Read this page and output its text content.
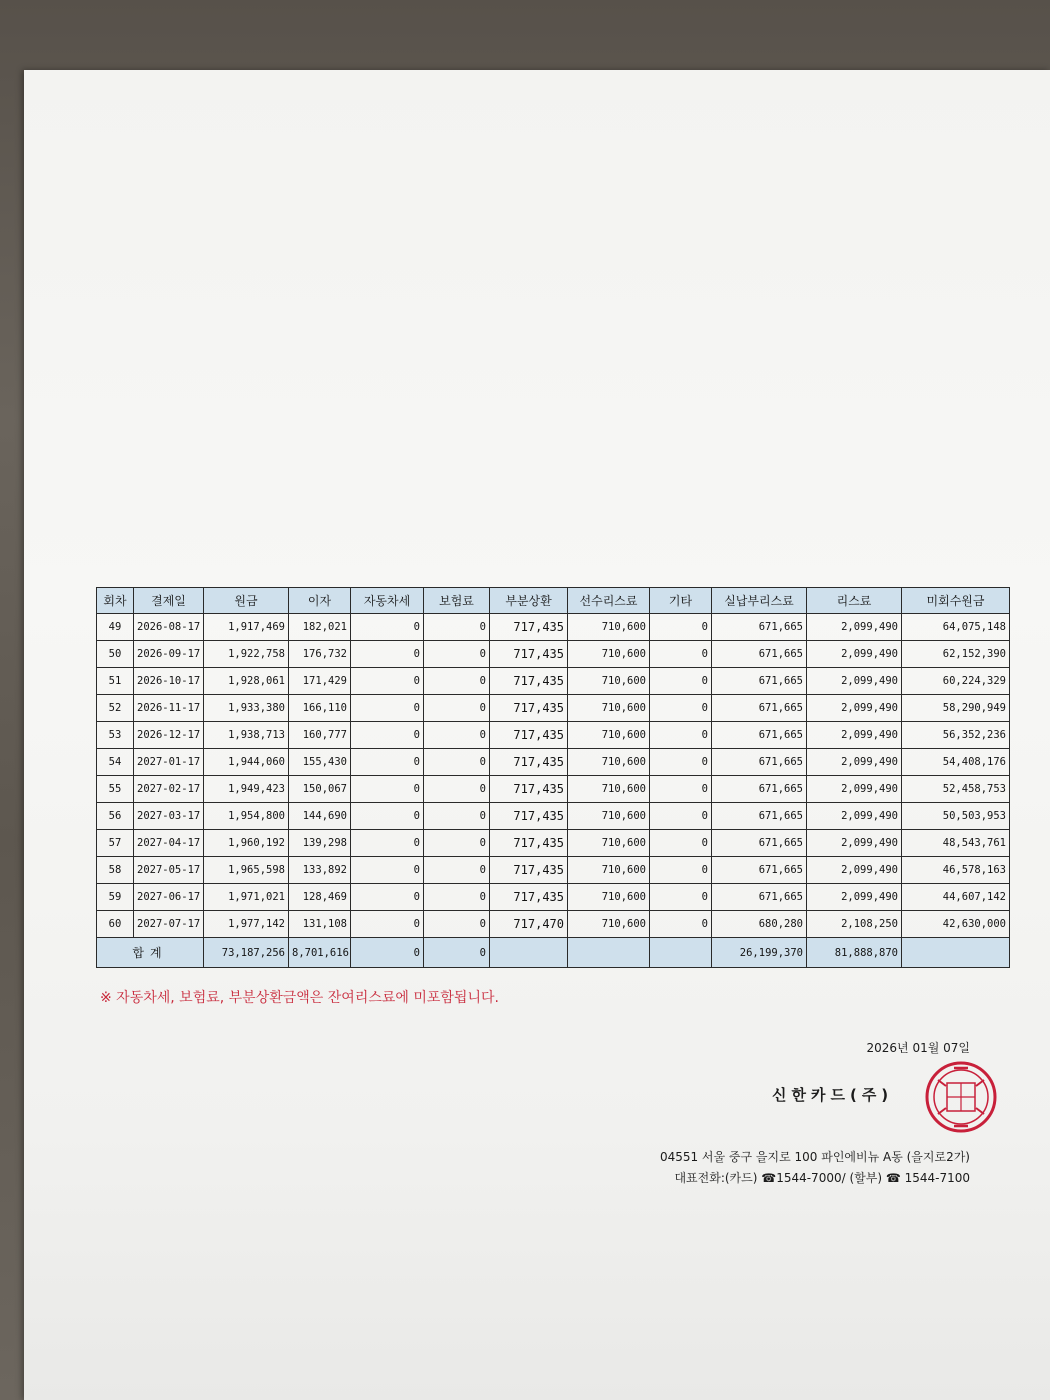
회차	결제일	원금	이자	자동차세	보험료	부분상환	선수리스료	기타	실납부리스료	리스료	미회수원금
49	2026-08-17	1,917,469	182,021	0	0	717,435	710,600	0	671,665	2,099,490	64,075,148
50	2026-09-17	1,922,758	176,732	0	0	717,435	710,600	0	671,665	2,099,490	62,152,390
51	2026-10-17	1,928,061	171,429	0	0	717,435	710,600	0	671,665	2,099,490	60,224,329
52	2026-11-17	1,933,380	166,110	0	0	717,435	710,600	0	671,665	2,099,490	58,290,949
53	2026-12-17	1,938,713	160,777	0	0	717,435	710,600	0	671,665	2,099,490	56,352,236
54	2027-01-17	1,944,060	155,430	0	0	717,435	710,600	0	671,665	2,099,490	54,408,176
55	2027-02-17	1,949,423	150,067	0	0	717,435	710,600	0	671,665	2,099,490	52,458,753
56	2027-03-17	1,954,800	144,690	0	0	717,435	710,600	0	671,665	2,099,490	50,503,953
57	2027-04-17	1,960,192	139,298	0	0	717,435	710,600	0	671,665	2,099,490	48,543,761
58	2027-05-17	1,965,598	133,892	0	0	717,435	710,600	0	671,665	2,099,490	46,578,163
59	2027-06-17	1,971,021	128,469	0	0	717,435	710,600	0	671,665	2,099,490	44,607,142
60	2027-07-17	1,977,142	131,108	0	0	717,470	710,600	0	680,280	2,108,250	42,630,000
합계		73,187,256	8,701,616	0	0				26,199,370	81,888,870	
※ 자동차세, 보험료, 부분상환금액은 잔여리스료에 미포함됩니다.
2026년 01월 07일
신한카드(주)
04551 서울 중구 을지로 100 파인에비뉴 A동 (을지로2가)
대표전화:(카드) ☎1544-7000/ (할부) ☎ 1544-7100
